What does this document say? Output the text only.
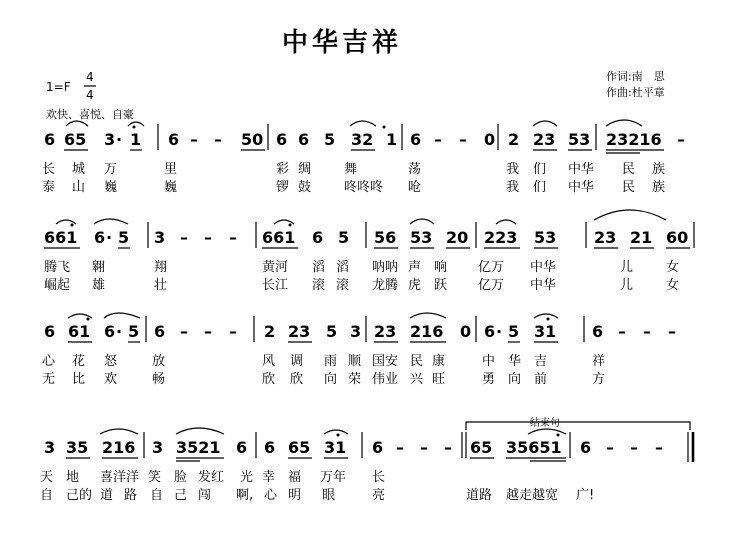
中华吉祥
作词:南　思
作曲:杜平章
1=F
4
4
欢快、喜悦、自豪
6 65 3 · 1 6 – – 50 6 6 5 32 1 6 – – 0 2 23 53 23216 –
长 城 万	里	彩 绸	舞	荡	我 们 中华 民 族
泰 山 巍	巍	锣 鼓	咚咚咚 呛	我 们 中华 民 族
661 6 · 5 3 – – – 661 6 5 56 53 20 223 53 23 21 60
腾飞 翱	翔	黄河 滔 滔 呐呐 声 响 亿万 中华	儿	女
崛起 雄	壮	长江 滚 滚 龙腾 虎 跃 亿万 中华	儿	女
6 61 6 · 5 6 – – – 2 23 5 3 23 216 0 6 · 5 31 6 – – –
心 花 怒	放	风 调 雨 顺 国安 民 康	中 华 吉	祥
无 比 欢	畅	欣 欣 向 荣 伟业 兴 旺	勇 向 前	方
结束句
3 35 216 3 3521 6 6 65 31 6 – – – 65 35651 6 – – –
天 地 喜洋洋 笑 脸 发红 光 幸 福 万年 长
自 己的 道 路 自 己 闯 啊, 心 明 眼	亮	道路 越走越宽 广!
